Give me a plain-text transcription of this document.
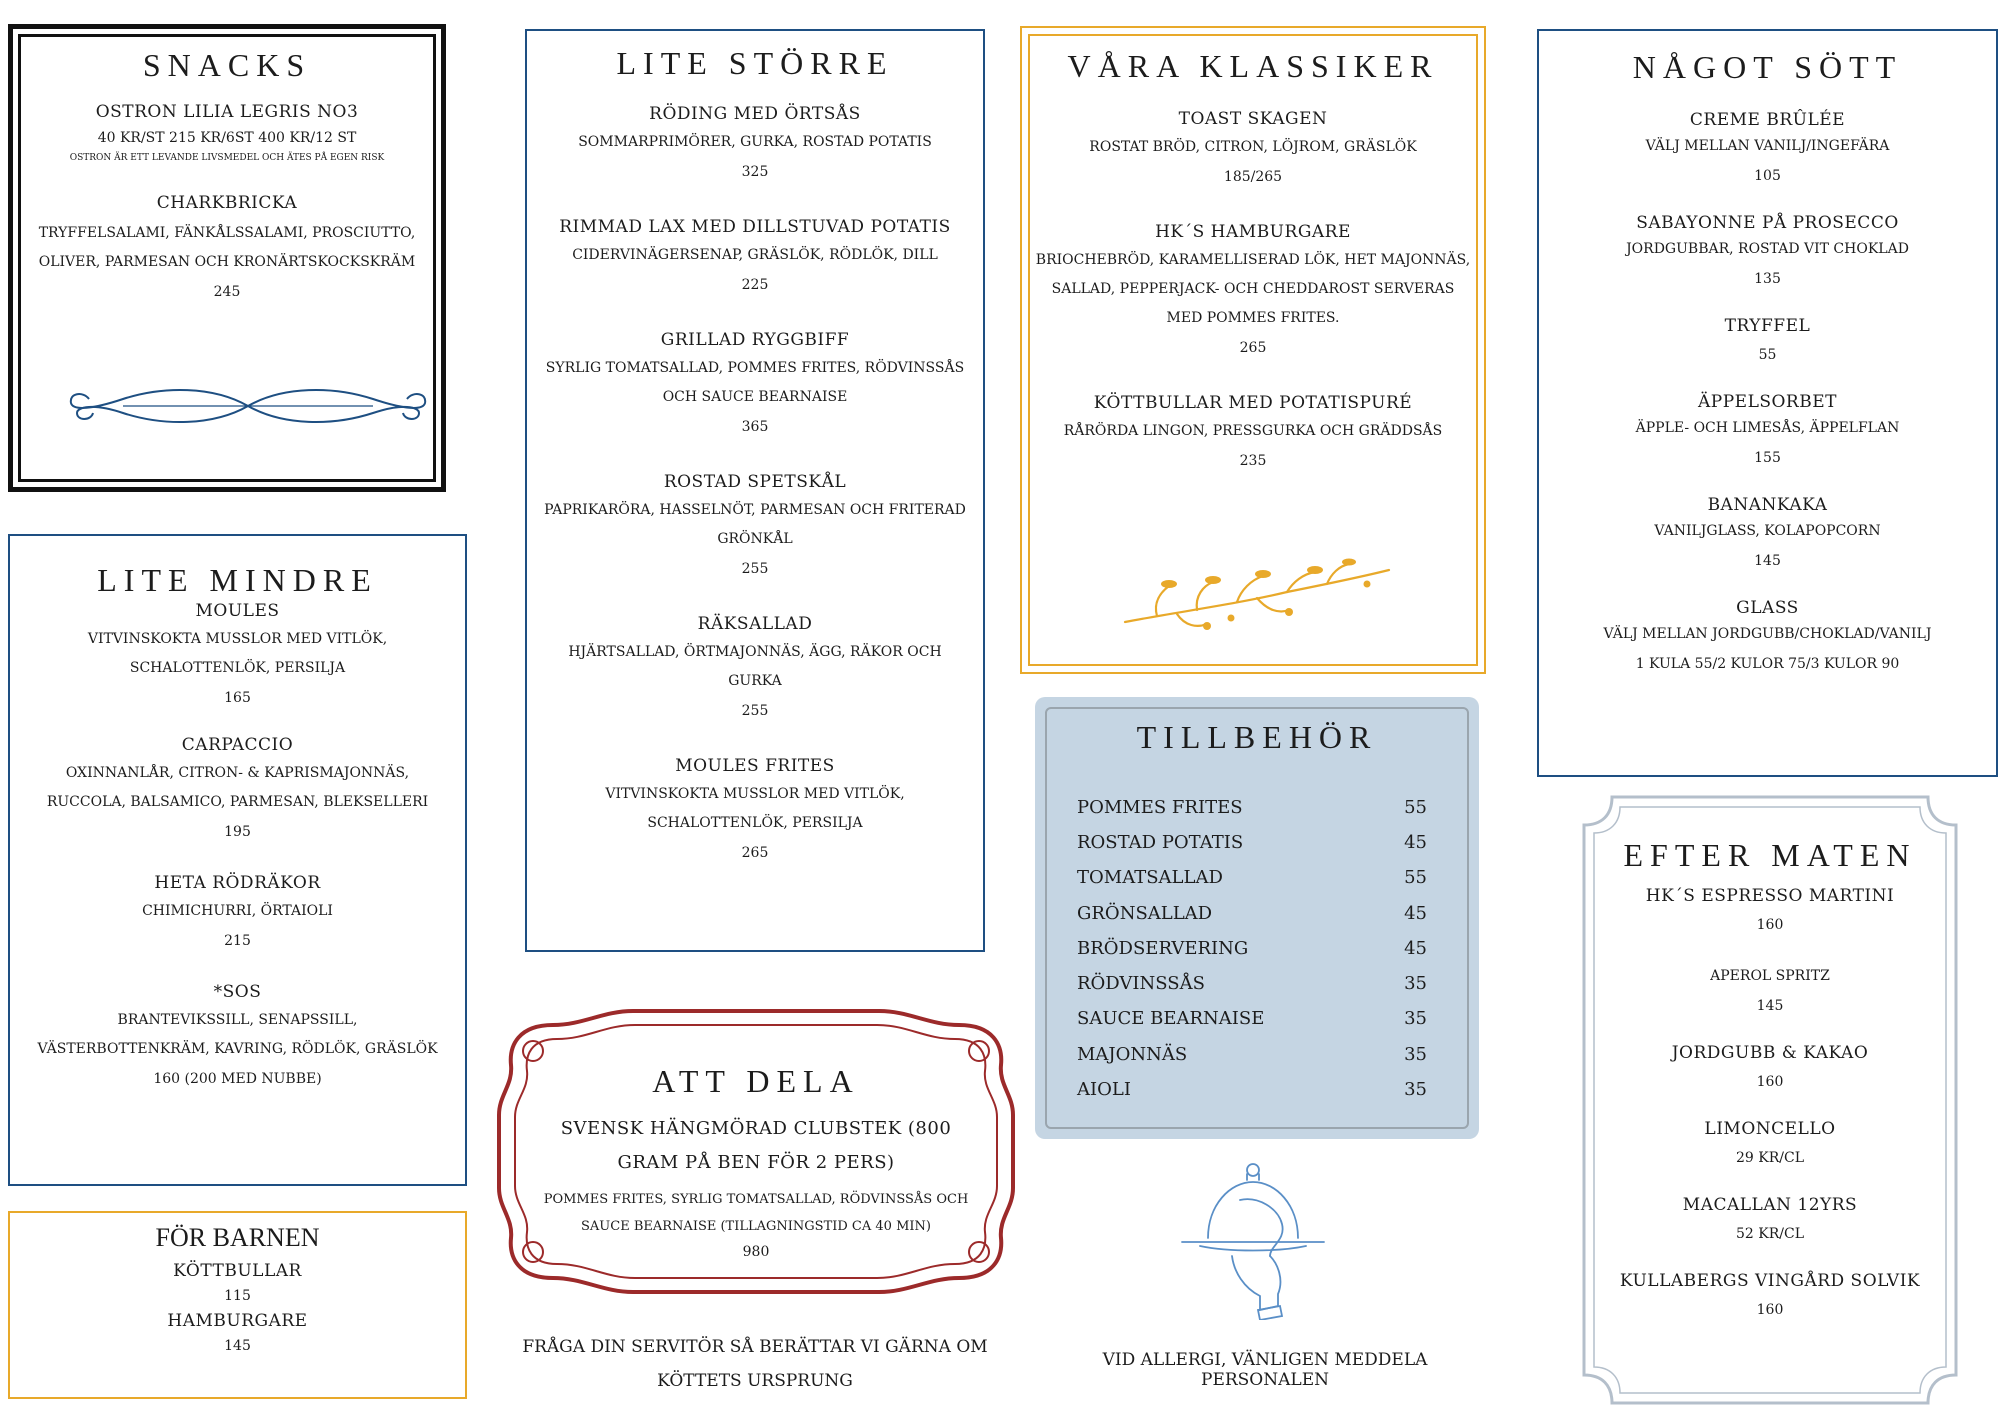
SNACKS
OSTRON LILIA LEGRIS NO3
40 KR/ST 215 KR/6ST 400 KR/12 ST
OSTRON ÄR ETT LEVANDE LIVSMEDEL OCH ÄTES PÅ EGEN RISK
CHARKBRICKA
TRYFFELSALAMI, FÄNKÅLSSALAMI, PROSCIUTTO, OLIVER, PARMESAN OCH KRONÄRTSKOCKSKRÄM
245
LITE MINDRE
MOULES
VITVINSKOKTA MUSSLOR MED VITLÖK, SCHALOTTENLÖK, PERSILJA
165
CARPACCIO
OXINNANLÅR, CITRON- & KAPRISMAJONNÄS, RUCCOLA, BALSAMICO, PARMESAN, BLEKSELLERI
195
HETA RÖDRÄKOR
CHIMICHURRI, ÖRTAIOLI
215
*SOS
BRANTEVIKSSILL, SENAPSSILL, VÄSTERBOTTENKRÄM, KAVRING, RÖDLÖK, GRÄSLÖK
160 (200 MED NUBBE)
FÖR BARNEN
KÖTTBULLAR
115
HAMBURGARE
145
LITE STÖRRE
RÖDING MED ÖRTSÅS
SOMMARPRIMÖRER, GURKA, ROSTAD POTATIS
325
RIMMAD LAX MED DILLSTUVAD POTATIS
CIDERVINÄGERSENAP, GRÄSLÖK, RÖDLÖK, DILL
225
GRILLAD RYGGBIFF
SYRLIG TOMATSALLAD, POMMES FRITES, RÖDVINSSÅS OCH SAUCE BEARNAISE
365
ROSTAD SPETSKÅL
PAPRIKARÖRA, HASSELNÖT, PARMESAN OCH FRITERAD GRÖNKÅL
255
RÄKSALLAD
HJÄRTSALLAD, ÖRTMAJONNÄS, ÄGG, RÄKOR OCH GURKA
255
MOULES FRITES
VITVINSKOKTA MUSSLOR MED VITLÖK, SCHALOTTENLÖK, PERSILJA
265
VÅRA KLASSIKER
TOAST SKAGEN
ROSTAT BRÖD, CITRON, LÖJROM, GRÄSLÖK
185/265
HK´S HAMBURGARE
BRIOCHEBRÖD, KARAMELLISERAD LÖK, HET MAJONNÄS, SALLAD, PEPPERJACK- OCH CHEDDAROST SERVERAS MED POMMES FRITES.
265
KÖTTBULLAR MED POTATISPURÉ
RÅRÖRDA LINGON, PRESSGURKA OCH GRÄDDSÅS
235
TILLBEHÖR
POMMES FRITES	55
ROSTAD POTATIS	45
TOMATSALLAD	55
GRÖNSALLAD	45
BRÖDSERVERING	45
RÖDVINSSÅS	35
SAUCE BEARNAISE	35
MAJONNÄS	35
AIOLI	35
NÅGOT SÖTT
CREME BRÛLÉE
VÄLJ MELLAN VANILJ/INGEFÄRA
105
SABAYONNE PÅ PROSECCO
JORDGUBBAR, ROSTAD VIT CHOKLAD
135
TRYFFEL
55
ÄPPELSORBET
ÄPPLE- OCH LIMESÅS, ÄPPELFLAN
155
BANANKAKA
VANILJGLASS, KOLAPOPCORN
145
GLASS
VÄLJ MELLAN JORDGUBB/CHOKLAD/VANILJ
1 KULA 55/2 KULOR 75/3 KULOR 90
EFTER MATEN
HK´S ESPRESSO MARTINI
160
APEROL SPRITZ
145
JORDGUBB & KAKAO
160
LIMONCELLO
29 KR/CL
MACALLAN 12YRS
52 KR/CL
KULLABERGS VINGÅRD SOLVIK
160
ATT DELA
SVENSK HÄNGMÖRAD CLUBSTEK (800 GRAM PÅ BEN FÖR 2 PERS)
POMMES FRITES, SYRLIG TOMATSALLAD, RÖDVINSSÅS OCH SAUCE BEARNAISE (TILLAGNINGSTID CA 40 MIN)
980
FRÅGA DIN SERVITÖR SÅ BERÄTTAR VI GÄRNA OM KÖTTETS URSPRUNG
VID ALLERGI, VÄNLIGEN MEDDELA PERSONALEN
